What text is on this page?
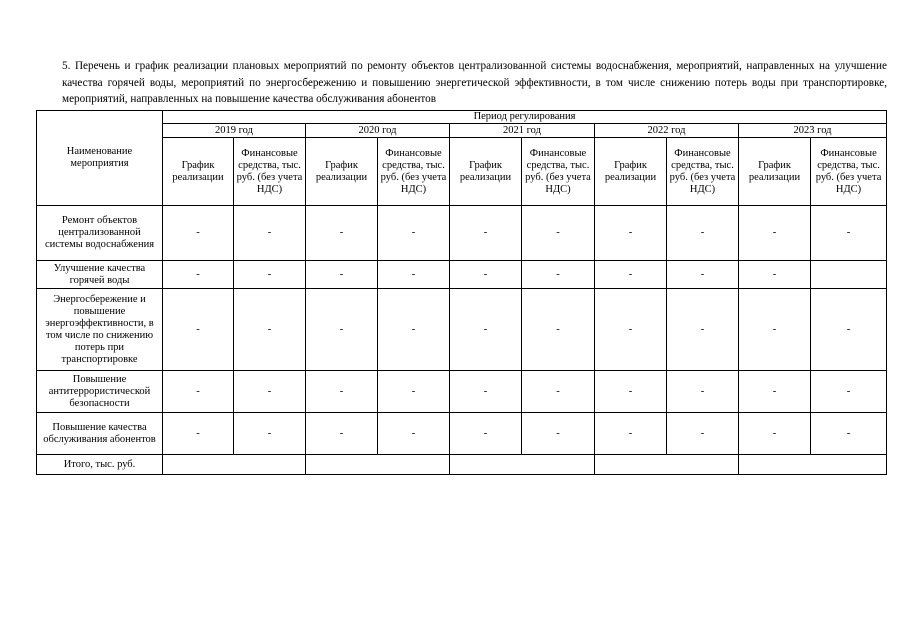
5. Перечень и график реализации плановых мероприятий по ремонту объектов централизованной системы водоснабжения, мероприятий, направленных на улучшение качества горячей воды, мероприятий по энергосбережению и повышению энергетической эффективности, в том числе снижению потерь воды при транспортировке, мероприятий, направленных на повышение качества обслуживания абонентов
Наименование мероприятия	Период регулирования									
	2019 год		2020 год		2021 год		2022 год		2023 год	
	График реализации	Финансовые средства, тыс. руб. (без учета НДС)	График реализации	Финансовые средства, тыс. руб. (без учета НДС)	График реализации	Финансовые средства, тыс. руб. (без учета НДС)	График реализации	Финансовые средства, тыс. руб. (без учета НДС)	График реализации	Финансовые средства, тыс. руб. (без учета НДС)
Ремонт объектов централизованной системы водоснабжения	-	-	-	-	-	-	-	-	-	-
Улучшение качества горячей воды	-	-	-	-	-	-	-	-	-	
Энергосбережение и повышение энергоэффективности, в том числе по снижению потерь при транспортировке	-	-	-	-	-	-	-	-	-	-
Повышение антитеррористической безопасности	-	-	-	-	-	-	-	-	-	-
Повышение качества обслуживания абонентов	-	-	-	-	-	-	-	-	-	-
Итого, тыс. руб.										
